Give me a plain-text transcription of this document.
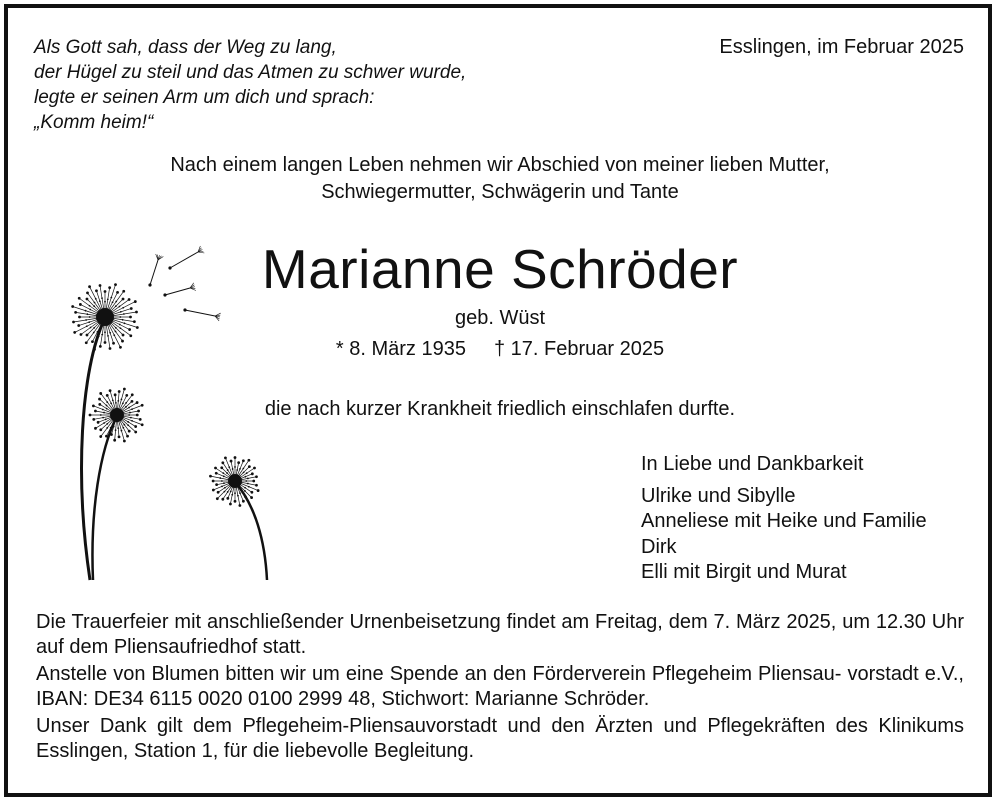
Als Gott sah, dass der Weg zu lang,
der Hügel zu steil und das Atmen zu schwer wurde,
legte er seinen Arm um dich und sprach:
„Komm heim!“
Esslingen, im Februar 2025
Nach einem langen Leben nehmen wir Abschied von meiner lieben Mutter,
Schwiegermutter, Schwägerin und Tante
Marianne Schröder
geb. Wüst
* 8. März 1935 † 17. Februar 2025
die nach kurzer Krankheit friedlich einschlafen durfte.
In Liebe und Dankbarkeit
Ulrike und Sibylle
Anneliese mit Heike und Familie
Dirk
Elli mit Birgit und Murat

Die Trauerfeier mit anschließender Urnenbeisetzung findet am Freitag, dem 7. März 2025, um 12.30 Uhr auf dem Pliensaufriedhof statt.

Anstelle von Blumen bitten wir um eine Spende an den Förderverein Pflegeheim Pliensau- vorstadt e.V., IBAN: DE34 6115 0020 0100 2999 48, Stichwort: Marianne Schröder.

Unser Dank gilt dem Pflegeheim-Pliensauvorstadt und den Ärzten und Pflegekräften des Klinikums Esslingen, Station 1, für die liebevolle Begleitung.
